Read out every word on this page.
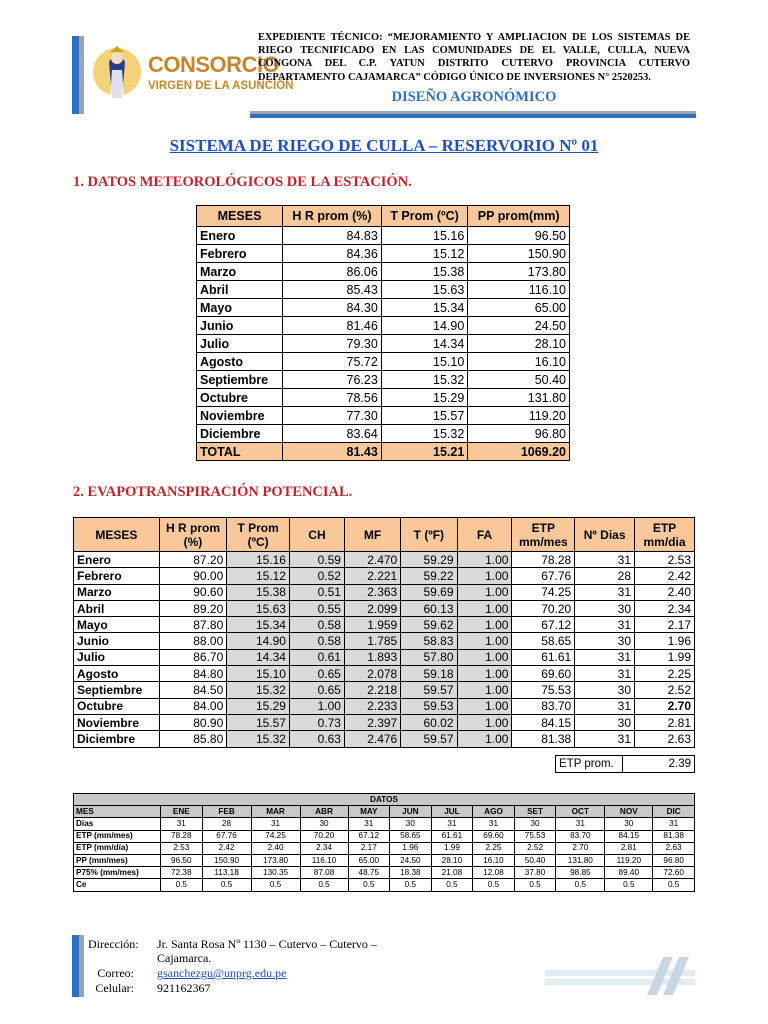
CONSORCIO
VIRGEN DE LA ASUNCIÓN
EXPEDIENTE TÉCNICO: “MEJORAMIENTO Y AMPLIACION DE LOS SISTEMAS DE RIEGO TECNIFICADO EN LAS COMUNIDADES DE EL VALLE, CULLA, NUEVA CONGONA DEL C.P. YATUN DISTRITO CUTERVO PROVINCIA CUTERVO DEPARTAMENTO CAJAMARCA” CÓDIGO ÚNICO DE INVERSIONES N° 2520253.
DISEÑO AGRONÓMICO
SISTEMA DE RIEGO DE CULLA – RESERVORIO Nº 01
1. DATOS METEOROLÓGICOS DE LA ESTACIÓN.
MESES	H R prom (%)	T Prom (ºC)	PP prom(mm)
Enero	84.83	15.16	96.50
Febrero	84.36	15.12	150.90
Marzo	86.06	15.38	173.80
Abril	85.43	15.63	116.10
Mayo	84.30	15.34	65.00
Junio	81.46	14.90	24.50
Julio	79.30	14.34	28.10
Agosto	75.72	15.10	16.10
Septiembre	76.23	15.32	50.40
Octubre	78.56	15.29	131.80
Noviembre	77.30	15.57	119.20
Diciembre	83.64	15.32	96.80
TOTAL	81.43	15.21	1069.20
2. EVAPOTRANSPIRACIÓN POTENCIAL.
MESES	H R prom (%)	T Prom (ºC)	CH	MF	T (ºF)	FA	ETP mm/mes	Nº Dias	ETP mm/dia
Enero	87.20	15.16	0.59	2.470	59.29	1.00	78.28	31	2.53
Febrero	90.00	15.12	0.52	2.221	59.22	1.00	67.76	28	2.42
Marzo	90.60	15.38	0.51	2.363	59.69	1.00	74.25	31	2.40
Abril	89.20	15.63	0.55	2.099	60.13	1.00	70.20	30	2.34
Mayo	87.80	15.34	0.58	1.959	59.62	1.00	67.12	31	2.17
Junio	88.00	14.90	0.58	1.785	58.83	1.00	58.65	30	1.96
Julio	86.70	14.34	0.61	1.893	57.80	1.00	61.61	31	1.99
Agosto	84.80	15.10	0.65	2.078	59.18	1.00	69.60	31	2.25
Septiembre	84.50	15.32	0.65	2.218	59.57	1.00	75.53	30	2.52
Octubre	84.00	15.29	1.00	2.233	59.53	1.00	83.70	31	2.70
Noviembre	80.90	15.57	0.73	2.397	60.02	1.00	84.15	30	2.81
Diciembre	85.80	15.32	0.63	2.476	59.57	1.00	81.38	31	2.63
ETP prom.	2.39
DATOS												
MES	ENE	FEB	MAR	ABR	MAY	JUN	JUL	AGO	SET	OCT	NOV	DIC
Dias	31	28	31	30	31	30	31	31	30	31	30	31
ETP (mm/mes)	78.28	67.76	74.25	70.20	67.12	58.65	61.61	69.60	75.53	83.70	84.15	81.38
ETP (mm/día)	2.53	2.42	2.40	2.34	2.17	1.96	1.99	2.25	2.52	2.70	2.81	2.63
PP (mm/mes)	96.50	150.90	173.80	116.10	65.00	24.50	28.10	16.10	50.40	131.80	119.20	96.80
P75% (mm/mes)	72.38	113.18	130.35	87.08	48.75	18.38	21.08	12.08	37.80	98.85	89.40	72.60
Ce	0.5	0.5	0.5	0.5	0.5	0.5	0.5	0.5	0.5	0.5	0.5	0.5
Dirección: Jr. Santa Rosa Nº 1130 – Cutervo – Cutervo – Cajamarca.
Correo: gsanchezgu@unprg.edu.pe
Celular: 921162367
